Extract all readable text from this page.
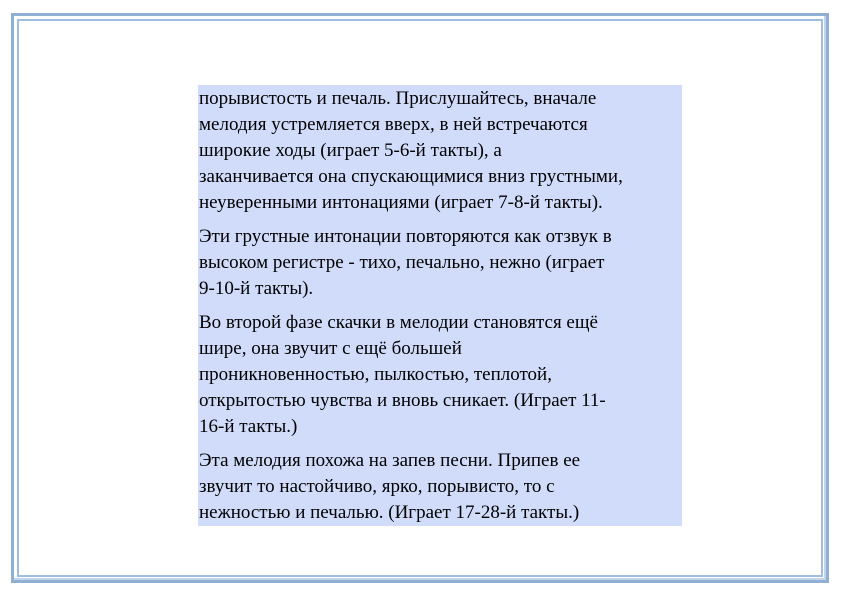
порывистость и печаль. Прислушайтесь, вначале
мелодия устремляется вверх, в ней встречаются
широкие ходы (играет 5-6-й такты), а
заканчивается она спускающимися вниз грустными,
неуверенными интонациями (играет 7-8-й такты).

Эти грустные интонации повторяются как отзвук в
высоком регистре - тихо, печально, нежно (играет
9-10-й такты).

Во второй фазе скачки в мелодии становятся ещё
шире, она звучит с ещё большей
проникновенностью, пылкостью, теплотой,
открытостью чувства и вновь сникает. (Играет 11-
16-й такты.)

Эта мелодия похожа на запев песни. Припев ее
звучит то настойчиво, ярко, порывисто, то с
нежностью и печалью. (Играет 17-28-й такты.)
